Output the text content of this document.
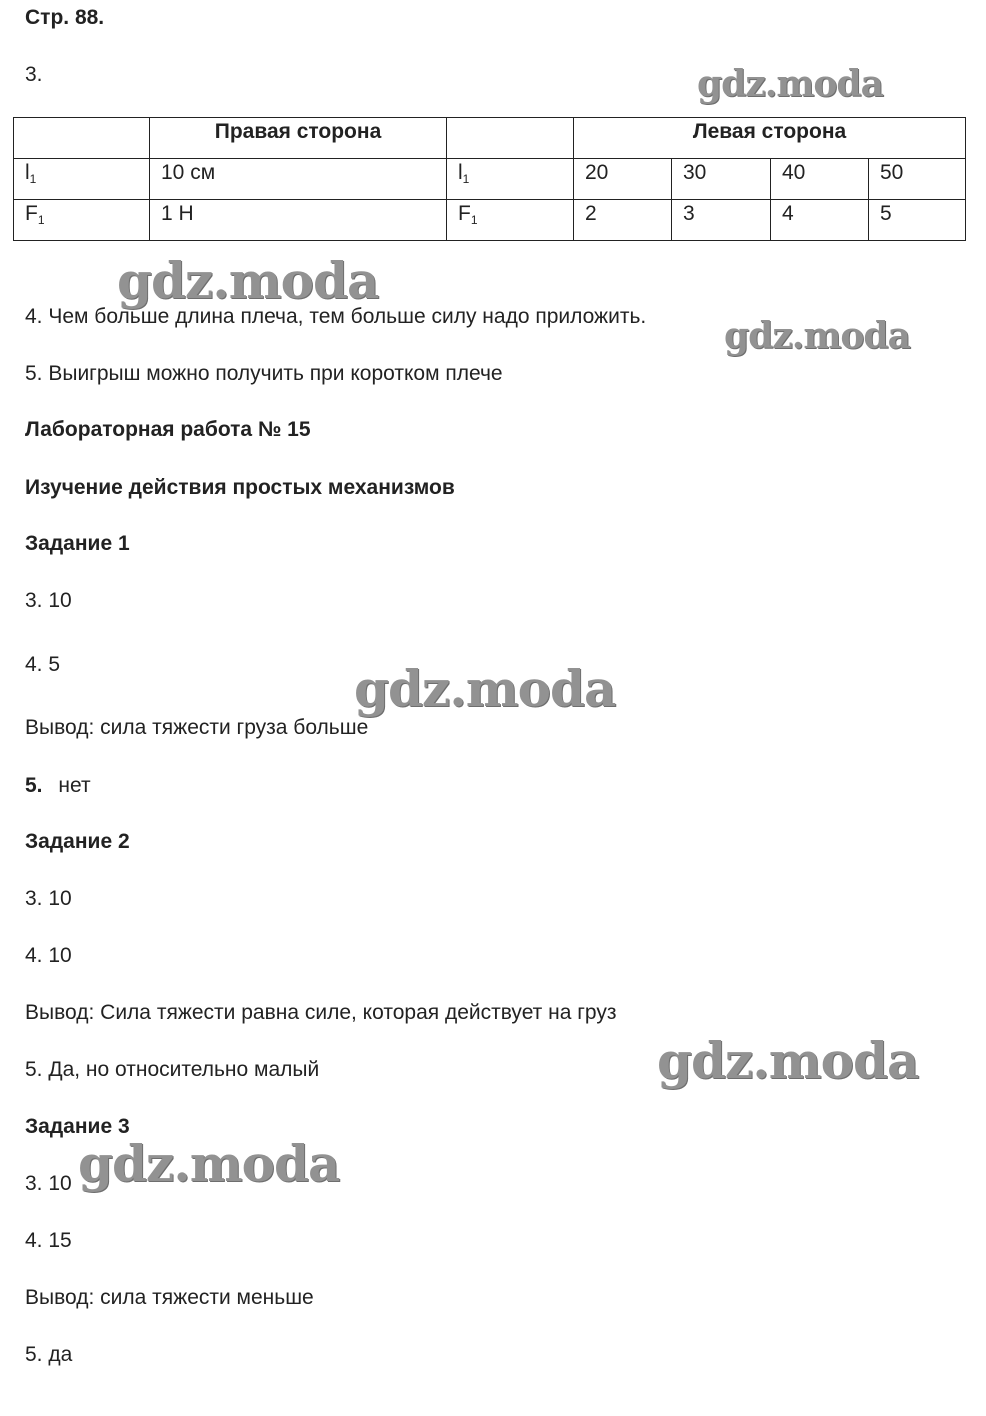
Стр. 88.
3.
	Правая сторона		Левая сторона			
$l_1$	10 см	$l_1$	20	30	40	50
$F_1$	1 Н	$F_1$	2	3	4	5
4. Чем больше длина плеча, тем больше силу надо приложить.
5. Выигрыш можно получить при коротком плече
Лабораторная работа № 15
Изучение действия простых механизмов
Задание 1
3. 10
4. 5
Вывод: сила тяжести груза больше
5. нет
Задание 2
3. 10
4. 10
Вывод: Сила тяжести равна силе, которая действует на груз
5. Да, но относительно малый
Задание 3
3. 10
4. 15
Вывод: сила тяжести меньше
5. да
gdz.moda
gdz.moda
gdz.moda
gdz.moda
gdz.moda
gdz.moda
